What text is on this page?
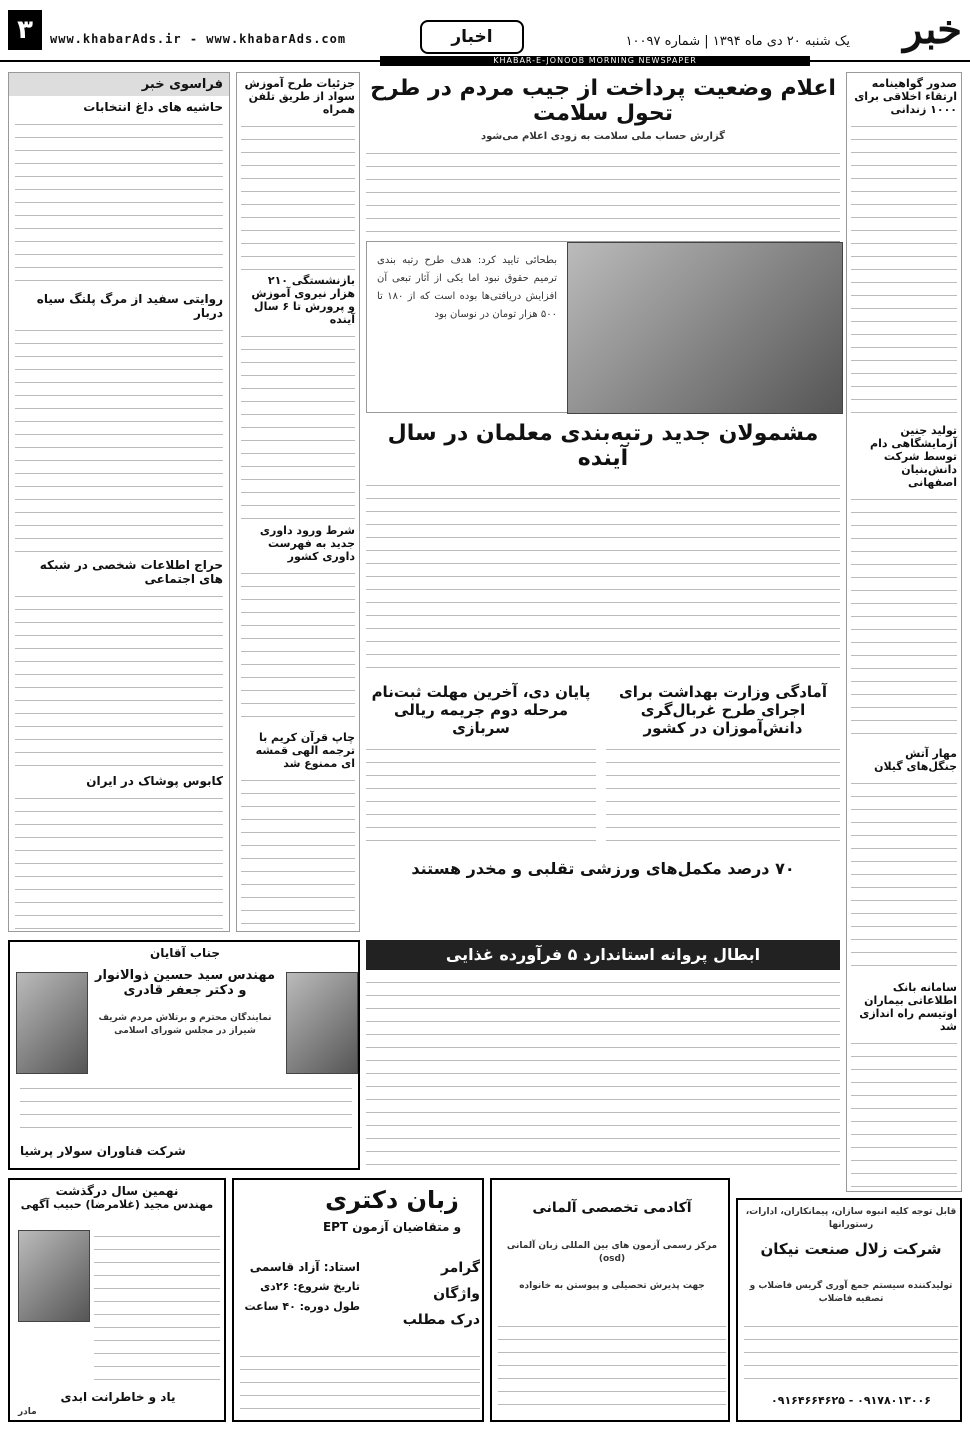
۳	www.khabarAds.ir - www.khabarAds.com	اخبار	یک شنبه ۲۰ دی ماه ۱۳۹۴ | شماره ۱۰۰۹۷ خبر
KHABAR-E-JONOOB MORNING NEWSPAPER
فراسوی خبر
حاشیه های داغ انتخابات
روایتی سفید از مرگ پلنگ سیاه دربار
حراج اطلاعات شخصی در شبکه های اجتماعی
کابوس پوشاک در ایران
جزئیات طرح آموزش سواد از طریق تلفن همراه
بازنشستگی ۲۱۰ هزار نیروی آموزش و پرورش تا ۶ سال آینده
شرط ورود داوری جدید به فهرست داوری کشور
چاپ قرآن کریم با ترجمه الهی قمشه ای ممنوع شد
اعلام وضعیت پرداخت از جیب مردم در طرح تحول سلامت
گزارش حساب ملی سلامت به زودی اعلام می‌شود
بطحائی تایید کرد: هدف طرح رتبه بندی ترمیم حقوق نبود اما یکی از آثار تبعی آن افزایش دریافتی‌ها بوده است که از ۱۸۰ تا ۵۰۰ هزار تومان در نوسان بود
مشمولان جدید رتبه‌بندی معلمان در سال آینده
آمادگی وزارت بهداشت برای اجرای طرح غربال‌گری دانش‌آموزان در کشور
پایان دی، آخرین مهلت ثبت‌نام مرحله دوم جریمه ریالی سربازی
۷۰ درصد مکمل‌های ورزشی تقلبی و مخدر هستند
صدور گواهینامه ارتقاء اخلاقی برای ۱۰۰۰ زندانی
تولید جنین آزمایشگاهی دام توسط شرکت دانش‌بنیان اصفهانی
مهار آتش جنگل‌های گیلان
سامانه بانک اطلاعاتی بیماران اوتیسم راه اندازی شد
ابطال پروانه استاندارد ۵ فرآورده غذایی
جناب آقایان
مهندس سید حسین ذوالانوار و دکتر جعفر قادری
نمایندگان محترم و برتلاش مردم شریف شیراز در مجلس شورای اسلامی
شرکت فناوران سولار پرشیا
نهمین سال درگذشت
مهندس مجید (غلامرضا) حبیب آگهی
یاد و خاطرانت ابدی
مادر
زبان دکتری
و متقاضیان آزمون EPT
استاد: آزاد قاسمی
تاریخ شروع: ۲۶دی
طول دوره: ۴۰ ساعت
گرامر
واژگان
درک مطلب
آکادمی تخصصی آلمانی
مرکز رسمی آزمون های بین المللی زبان آلمانی (osd)
جهت پذیرش تحصیلی و پیوستن به خانواده
قابل توجه کلیه انبوه سازان، پیمانکاران، ادارات، رستورانها
شرکت زلال صنعت نیکان
تولیدکننده سیستم جمع آوری گریس فاضلاب و تصفیه فاضلاب
۰۹۱۷۸۰۱۳۰۰۶ - ۰۹۱۶۴۶۶۴۶۲۵
